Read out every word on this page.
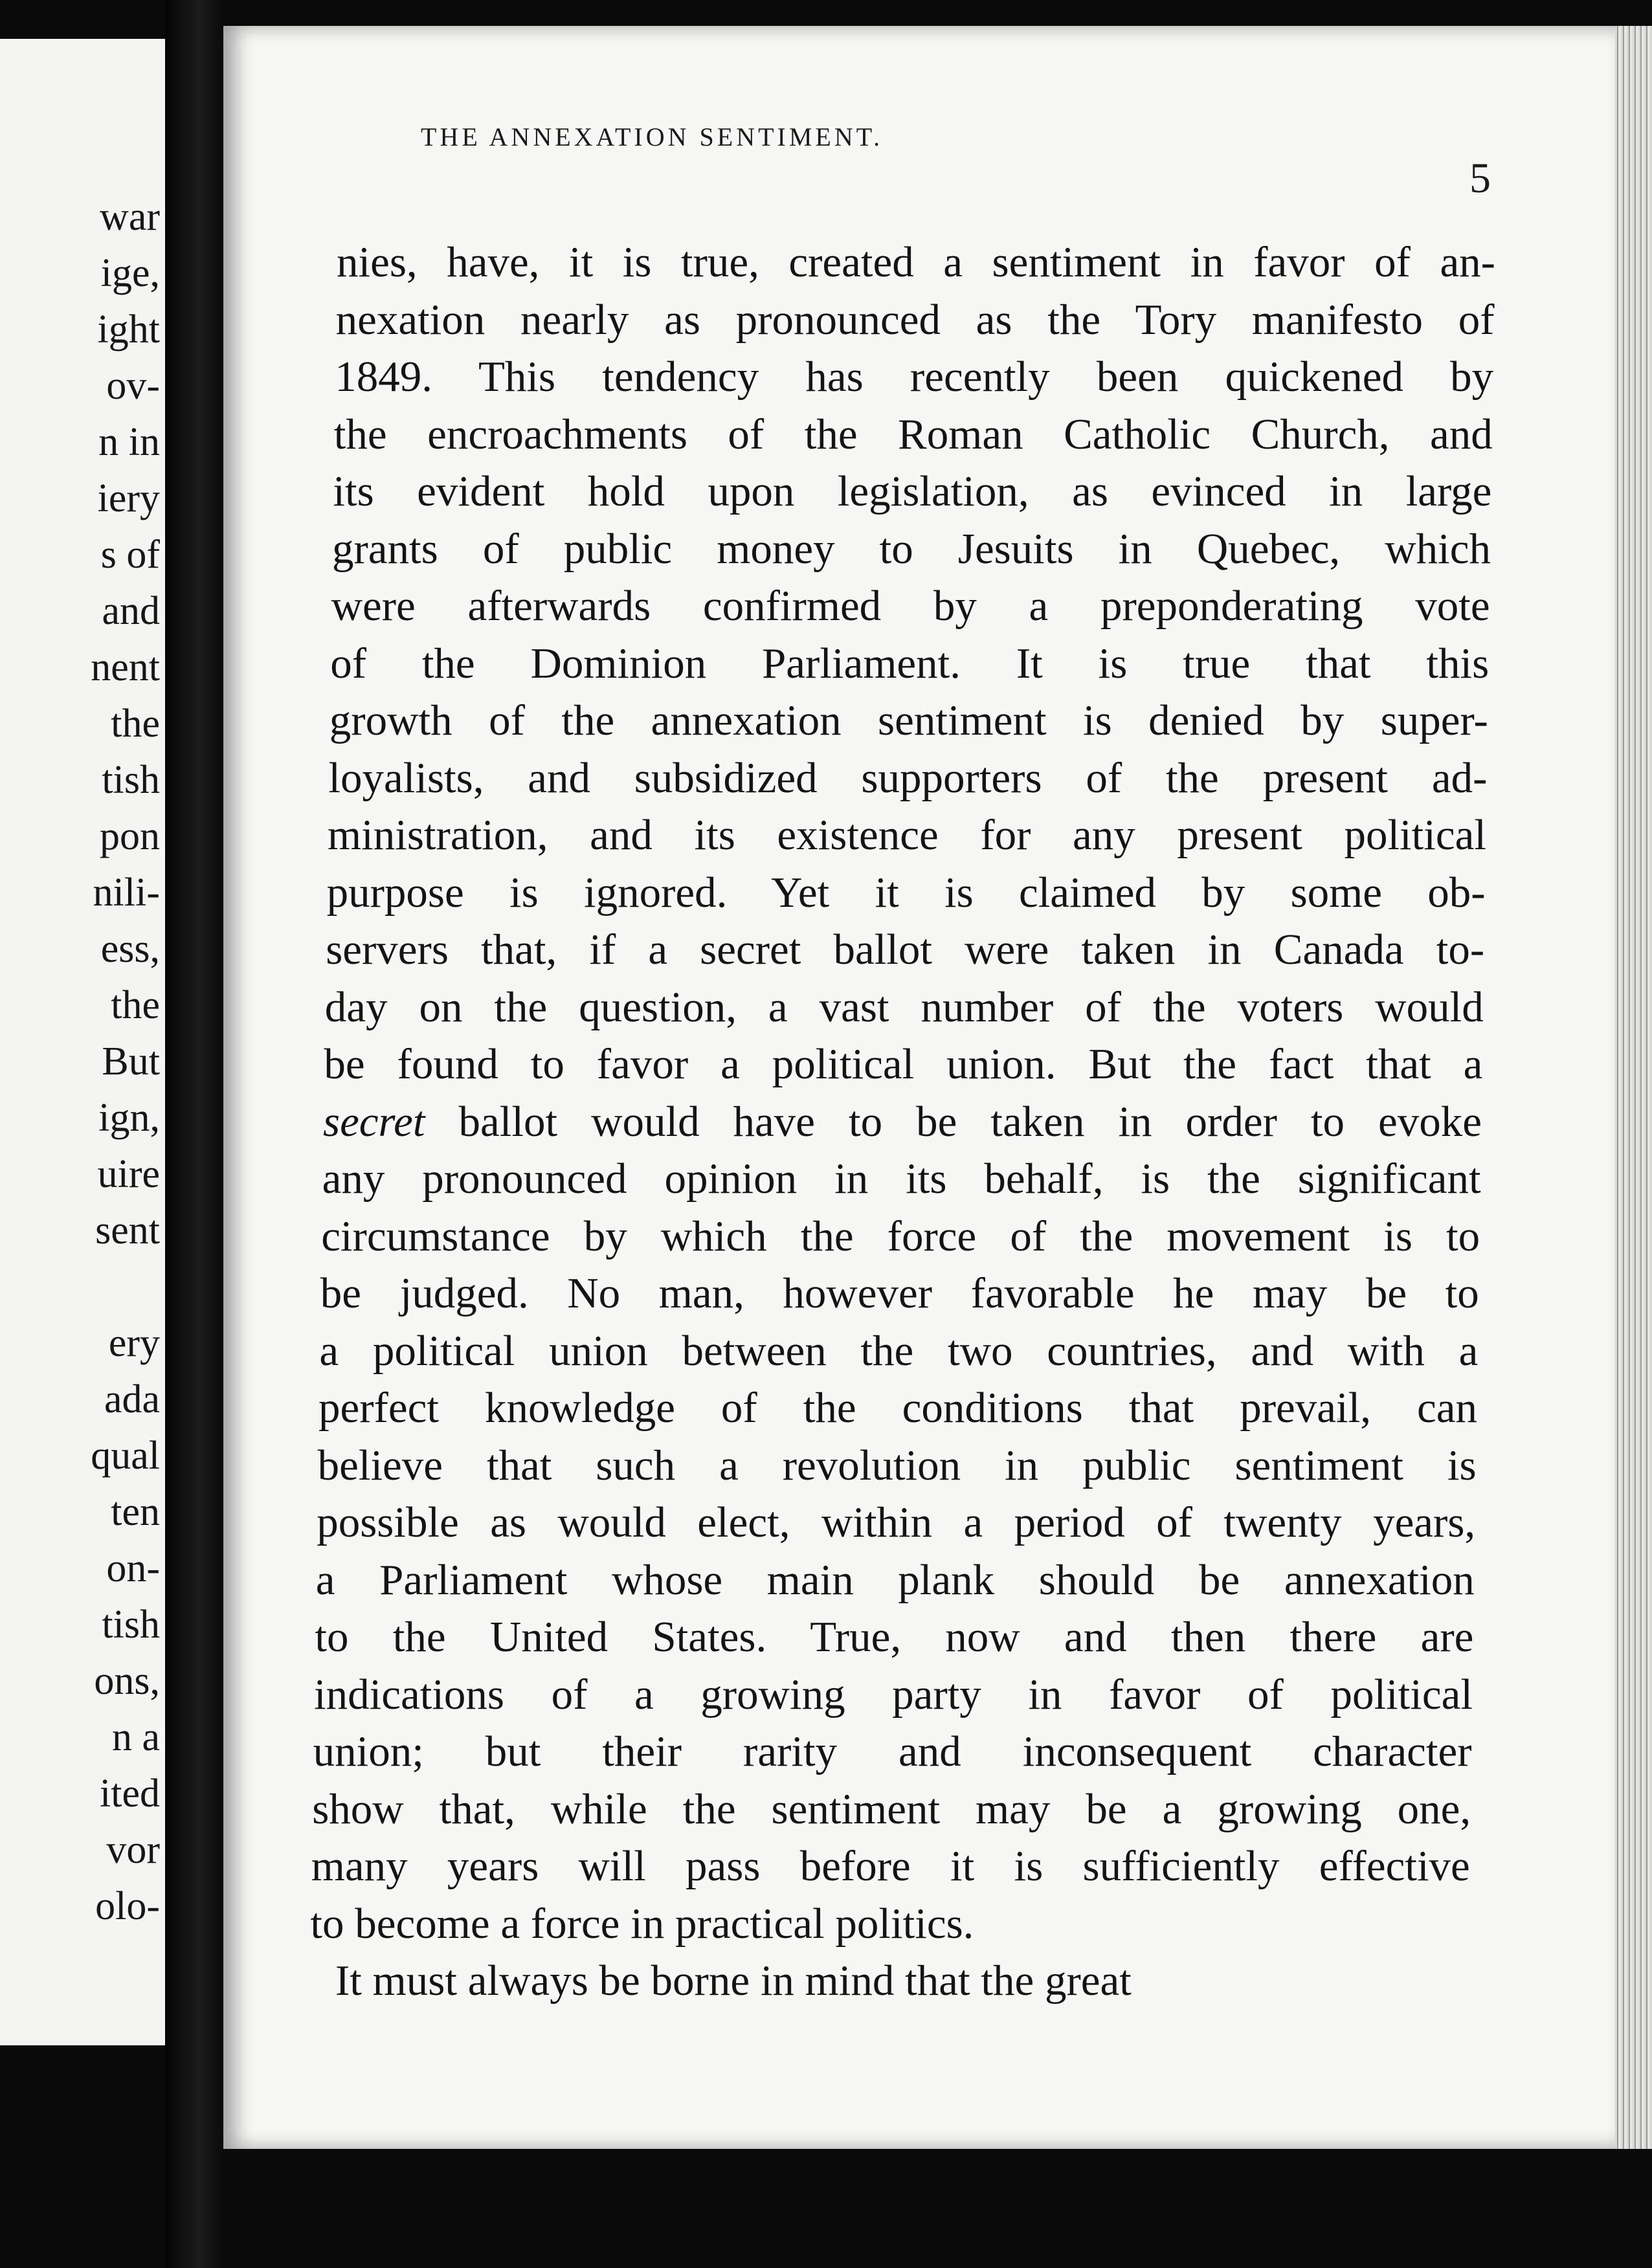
war
ige,
ight
ov-
n in
iery
s of
and
nent
the
tish
pon
nili-
ess,
the
But
ign,
uire
sent
ery
ada
qual
ten
on-
tish
ons,
n a
ited
vor
olo-
THE ANNEXATION SENTIMENT.
5
nies, have, it is true, created a sentiment in favor of an-
nexation nearly as pronounced as the Tory manifesto of
1849. This tendency has recently been quickened by
the encroachments of the Roman Catholic Church, and
its evident hold upon legislation, as evinced in large
grants of public money to Jesuits in Quebec, which
were afterwards confirmed by a preponderating vote
of the Dominion Parliament. It is true that this
growth of the annexation sentiment is denied by super-
loyalists, and subsidized supporters of the present ad-
ministration, and its existence for any present political
purpose is ignored. Yet it is claimed by some ob-
servers that, if a secret ballot were taken in Canada to-
day on the question, a vast number of the voters would
be found to favor a political union. But the fact that a
secret ballot would have to be taken in order to evoke
any pronounced opinion in its behalf, is the significant
circumstance by which the force of the movement is to
be judged. No man, however favorable he may be to
a political union between the two countries, and with a
perfect knowledge of the conditions that prevail, can
believe that such a revolution in public sentiment is
possible as would elect, within a period of twenty years,
a Parliament whose main plank should be annexation
to the United States. True, now and then there are
indications of a growing party in favor of political
union; but their rarity and inconsequent character
show that, while the sentiment may be a growing one,
many years will pass before it is sufficiently effective
to become a force in practical politics.
It must always be borne in mind that the great
